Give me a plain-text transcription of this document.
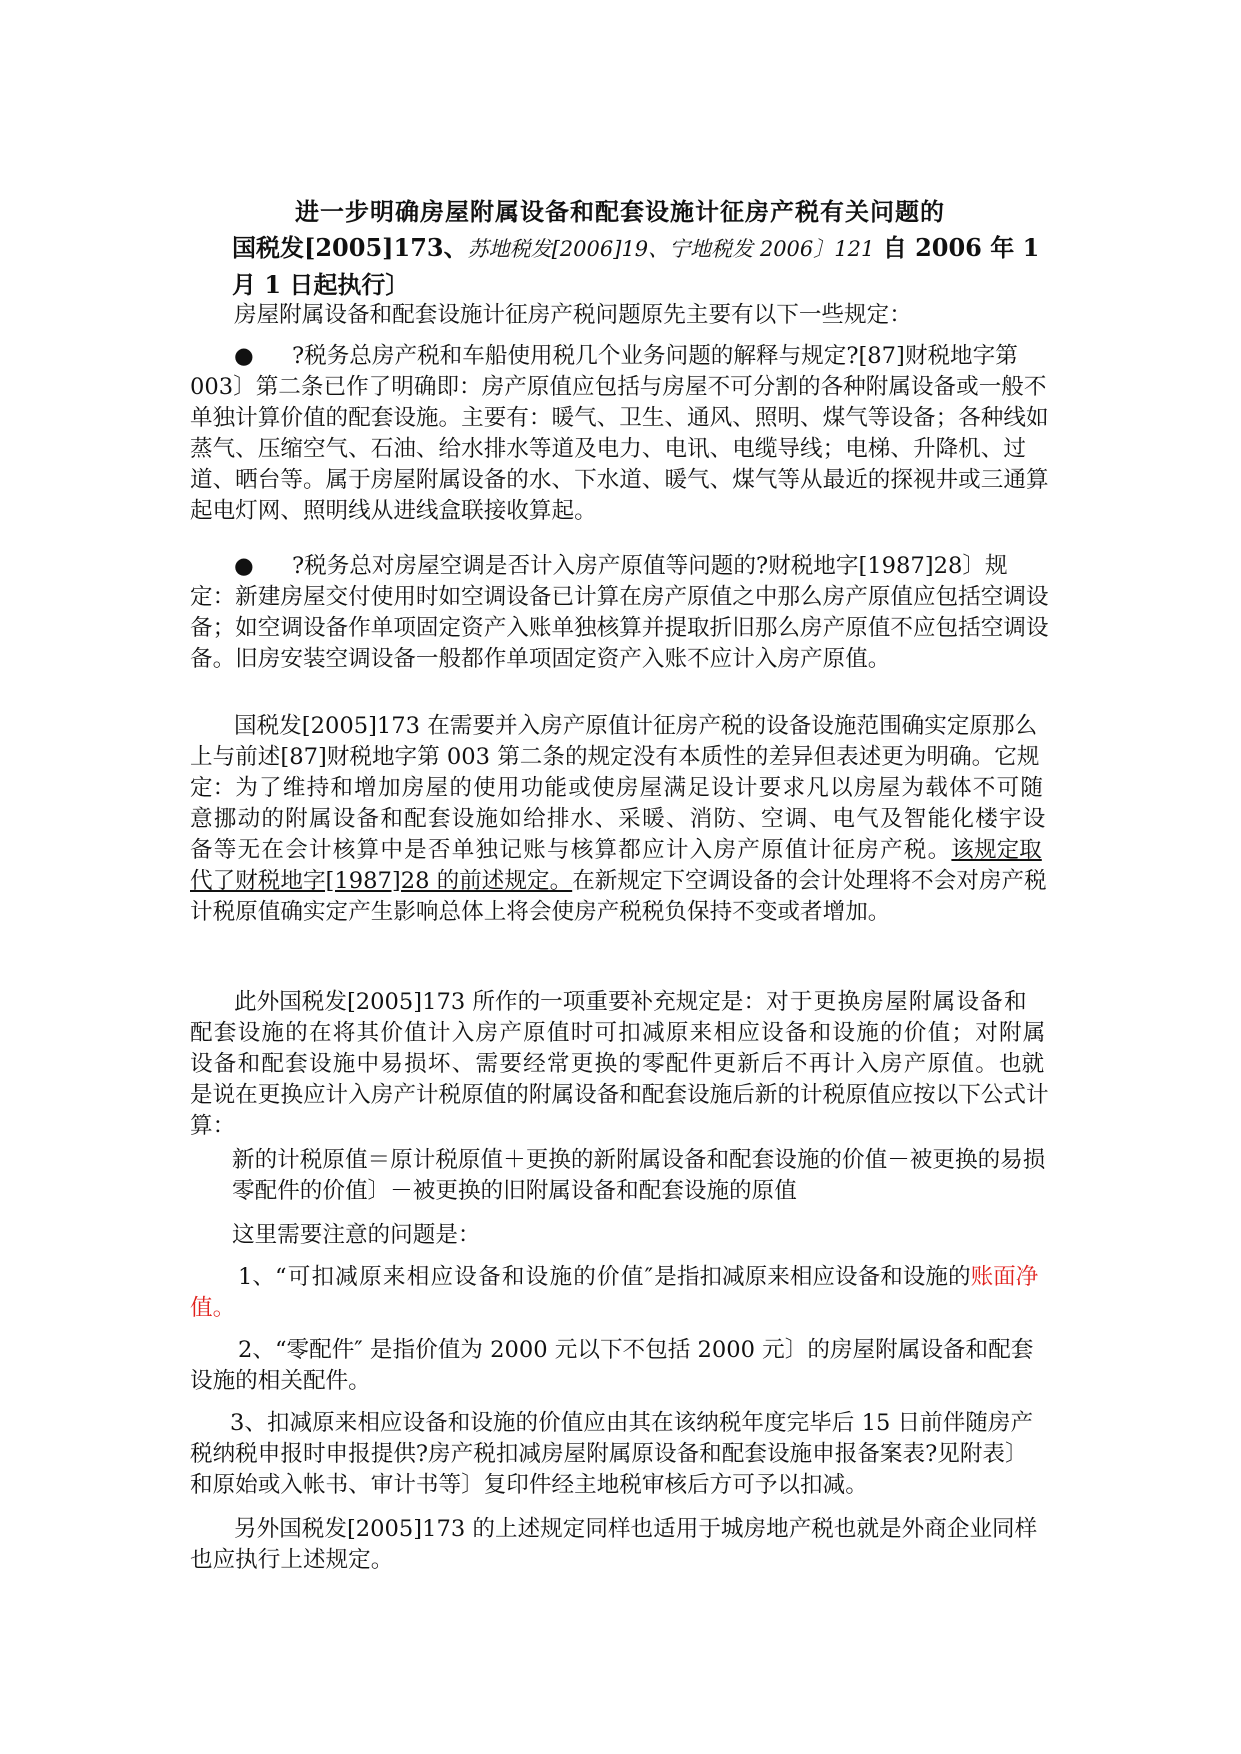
进一步明确房屋附属设备和配套设施计征房产税有关问题的
国税发[2005]173、苏地税发[2006]19、宁地税发 2006〕121 自 2006 年 1 月 1 日起执行〕

房屋附属设备和配套设施计征房产税问题原先主要有以下一些规定：

● ?税务总房产税和车船使用税几个业务问题的解释与规定?[87]财税地字第 003〕第二条已作了明确即：房产原值应包括与房屋不可分割的各种附属设备或一般不单独计算价值的配套设施。主要有：暖气、卫生、通风、照明、煤气等设备；各种线如蒸气、压缩空气、石油、给水排水等道及电力、电讯、电缆导线；电梯、升降机、过道、晒台等。属于房屋附属设备的水、下水道、暖气、煤气等从最近的探视井或三通算起电灯网、照明线从进线盒联接收算起。

● ?税务总对房屋空调是否计入房产原值等问题的?财税地字[1987]28〕规定：新建房屋交付使用时如空调设备已计算在房产原值之中那么房产原值应包括空调设备；如空调设备作单项固定资产入账单独核算并提取折旧那么房产原值不应包括空调设备。旧房安装空调设备一般都作单项固定资产入账不应计入房产原值。

国税发[2005]173 在需要并入房产原值计征房产税的设备设施范围确实定原那么上与前述[87]财税地字第 003 第二条的规定没有本质性的差异但表述更为明确。它规定：为了维持和增加房屋的使用功能或使房屋满足设计要求凡以房屋为载体不可随意挪动的附属设备和配套设施如给排水、采暖、消防、空调、电气及智能化楼宇设备等无在会计核算中是否单独记账与核算都应计入房产原值计征房产税。该规定取代了财税地字[1987]28 的前述规定。在新规定下空调设备的会计处理将不会对房产税计税原值确实定产生影响总体上将会使房产税税负保持不变或者增加。

此外国税发[2005]173 所作的一项重要补充规定是：对于更换房屋附属设备和配套设施的在将其价值计入房产原值时可扣减原来相应设备和设施的价值；对附属设备和配套设施中易损坏、需要经常更换的零配件更新后不再计入房产原值。也就是说在更换应计入房产计税原值的附属设备和配套设施后新的计税原值应按以下公式计算：

新的计税原值＝原计税原值＋更换的新附属设备和配套设施的价值－被更换的易损零配件的价值〕－被更换的旧附属设备和配套设施的原值

这里需要注意的问题是：

1、“可扣减原来相应设备和设施的价值″是指扣减原来相应设备和设施的账面净值。

2、“零配件″ 是指价值为 2000 元以下不包括 2000 元〕的房屋附属设备和配套设施的相关配件。

3、扣减原来相应设备和设施的价值应由其在该纳税年度完毕后 15 日前伴随房产税纳税申报时申报提供?房产税扣减房屋附属原设备和配套设施申报备案表?见附表〕和原始或入帐书、审计书等〕复印件经主地税审核后方可予以扣减。

另外国税发[2005]173 的上述规定同样也适用于城房地产税也就是外商企业同样也应执行上述规定。
